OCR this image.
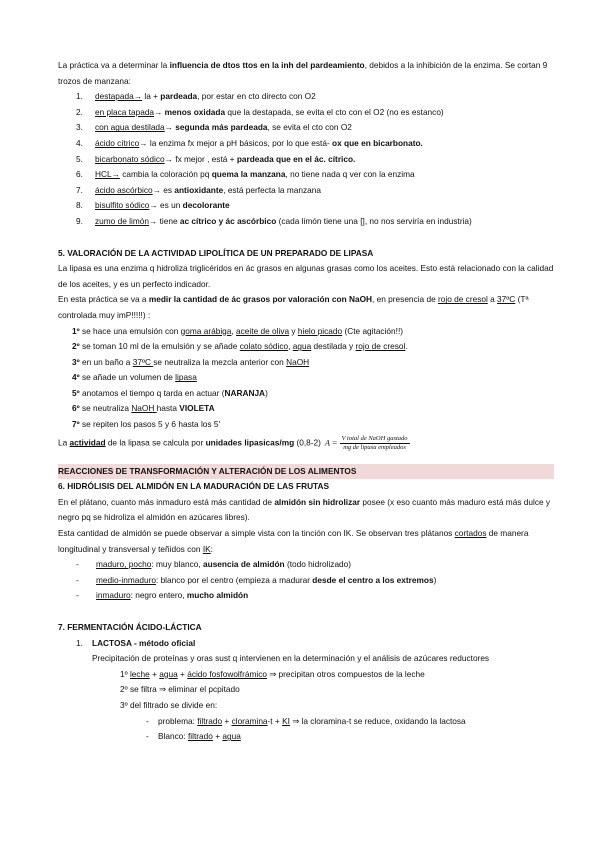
La práctica va a determinar la influencia de dtos ttos en la inh del pardeamiento, debidos a la inhibición de la enzima. Se cortan 9 trozos de manzana:

1. destapada→ la + pardeada, por estar en cto directo con O2
2. en placa tapada→ menos oxidada que la destapada, se evita el cto con el O2 (no es estanco)
3. con agua destilada→ segunda más pardeada, se evita el cto con O2
4. ácido cítrico→ la enzima fx mejor a pH básicos, por lo que está- ox que en bicarbonato.
5. bicarbonato sódico→ fx mejor , está + pardeada que en el ác. cítrico.
6. HCL→ cambia la coloración pq quema la manzana, no tiene nada q ver con la enzima
7. ácido ascórbico→ es antioxidante, está perfecta la manzana
8. bisulfito sódico→ es un decolorante
9. zumo de limón→ tiene ac cítrico y ác ascórbico (cada limón tiene una [], no nos serviría en industria)

5. VALORACIÓN DE LA ACTIVIDAD LIPOLÍTICA DE UN PREPARADO DE LIPASA

La lipasa es una enzima q hidroliza triglicéridos en ác grasos en algunas grasas como los aceites. Esto está relacionado con la calidad de los aceites, y es un perfecto indicador.

En esta práctica se va a medir la cantidad de ác grasos por valoración con NaOH, en presencia de rojo de cresol a 37ºC (Tª controlada muy imP!!!!!) :

1º se hace una emulsión con goma arábiga, aceite de oliva y hielo picado (Cte agitación!!)

2º se toman 10 ml de la emulsión y se añade colato sódico, agua destilada y rojo de cresol.

3º en un baño a 37ºC se neutraliza la mezcla anterior con NaOH

4º se añade un volumen de lipasa

5º anotamos el tiempo q tarda en actuar (NARANJA)

6º se neutraliza NaOH hasta VIOLETA

7º se repiten los pasos 5 y 6 hasta los 5'

La actividad de la lipasa se calcula por unidades lipasicas/mg (0,8-2) $A = \frac{\text{V total de NaOH gastado}}{\text{mg de lipasa empleados}}$

REACCIONES DE TRANSFORMACIÓN Y ALTERACIÓN DE LOS ALIMENTOS

6. HIDRÓLISIS DEL ALMIDÓN EN LA MADURACIÓN DE LAS FRUTAS

En el plátano, cuanto más inmaduro está más cantidad de almidón sin hidrolizar posee (x eso cuanto más maduro está más dulce y negro pq se hidroliza el almidón en azúcares libres).

Esta cantidad de almidón se puede observar a simple vista con la tinción con IK. Se observan tres plátanos cortados de manera longitudinal y transversal y teñidos con IK:

- maduro, pocho: muy blanco, ausencia de almidón (todo hidrolizado)

- medio-inmaduro: blanco por el centro (empieza a madurar desde el centro a los extremos)

- inmaduro: negro entero, mucho almidón

7. FERMENTACIÓN ÁCIDO-LÁCTICA

1. LACTOSA - método oficial

Precipitación de proteínas y oras sust q intervienen en la determinación y el análisis de azúcares reductores

1º leche + agua + ácido fosfowolfrámico ⇒ precipitan otros compuestos de la leche

2º se filtra ⇒ eliminar el pcpitado

3º del filtrado se divide en:

- problema: filtrado + cloramina-t + KI ⇒ la cloramina-t se reduce, oxidando la lactosa

- Blanco: filtrado + agua
